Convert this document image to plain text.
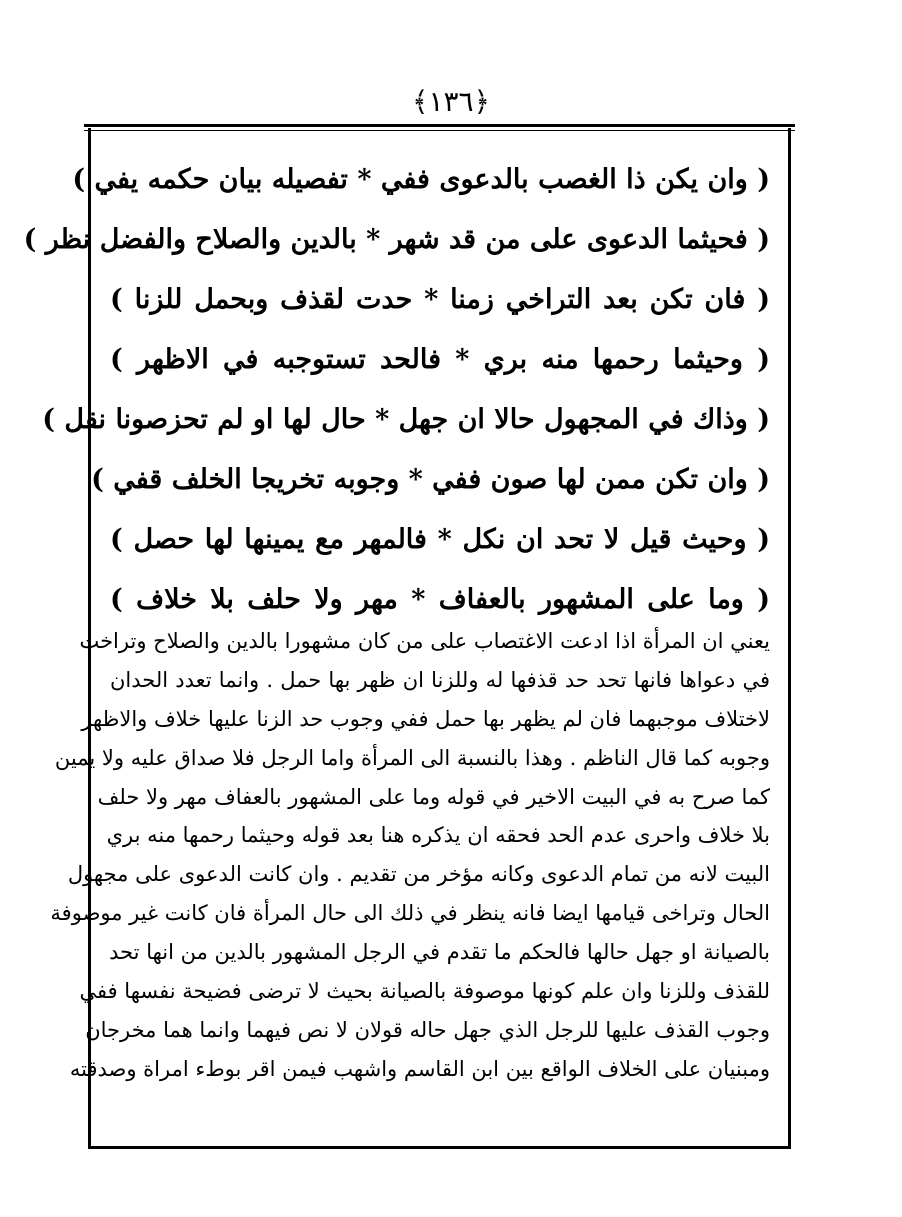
﴿١٣٦﴾
( وان يكن ذا الغصب بالدعوى ففي * تفصيله بيان حكمه يفي )
( فحيثما الدعوى على من قد شهر * بالدين والصلاح والفضل نظر )
( فان تكن بعد التراخي زمنا * حدت لقذف وبحمل للزنا )
( وحيثما رحمها منه بري * فالحد تستوجبه في الاظهر )
( وذاك في المجهول حالا ان جهل * حال لها او لم تحزصونا نقل )
( وان تكن ممن لها صون ففي * وجوبه تخريجا الخلف قفي )
( وحيث قيل لا تحد ان نكل * فالمهر مع يمينها لها حصل )
( وما على المشهور بالعفاف * مهر ولا حلف بلا خلاف )
يعني ان المرأة اذا ادعت الاغتصاب على من كان مشهورا بالدين والصلاح وتراخت
في دعواها فانها تحد حد قذفها له وللزنا ان ظهر بها حمل . وانما تعدد الحدان
لاختلاف موجبهما فان لم يظهر بها حمل ففي وجوب حد الزنا عليها خلاف والاظهر
وجوبه كما قال الناظم . وهذا بالنسبة الى المرأة واما الرجل فلا صداق عليه ولا يمين
كما صرح به في البيت الاخير في قوله وما على المشهور بالعفاف مهر ولا حلف
بلا خلاف واحرى عدم الحد فحقه ان يذكره هنا بعد قوله وحيثما رحمها منه بري
البيت لانه من تمام الدعوى وكانه مؤخر من تقديم . وان كانت الدعوى على مجهول
الحال وتراخى قيامها ايضا فانه ينظر في ذلك الى حال المرأة فان كانت غير موصوفة
بالصيانة او جهل حالها فالحكم ما تقدم في الرجل المشهور بالدين من انها تحد
للقذف وللزنا وان علم كونها موصوفة بالصيانة بحيث لا ترضى فضيحة نفسها ففي
وجوب القذف عليها للرجل الذي جهل حاله قولان لا نص فيهما وانما هما مخرجان
ومبنيان على الخلاف الواقع بين ابن القاسم واشهب فيمن اقر بوطء امراة وصدقته
